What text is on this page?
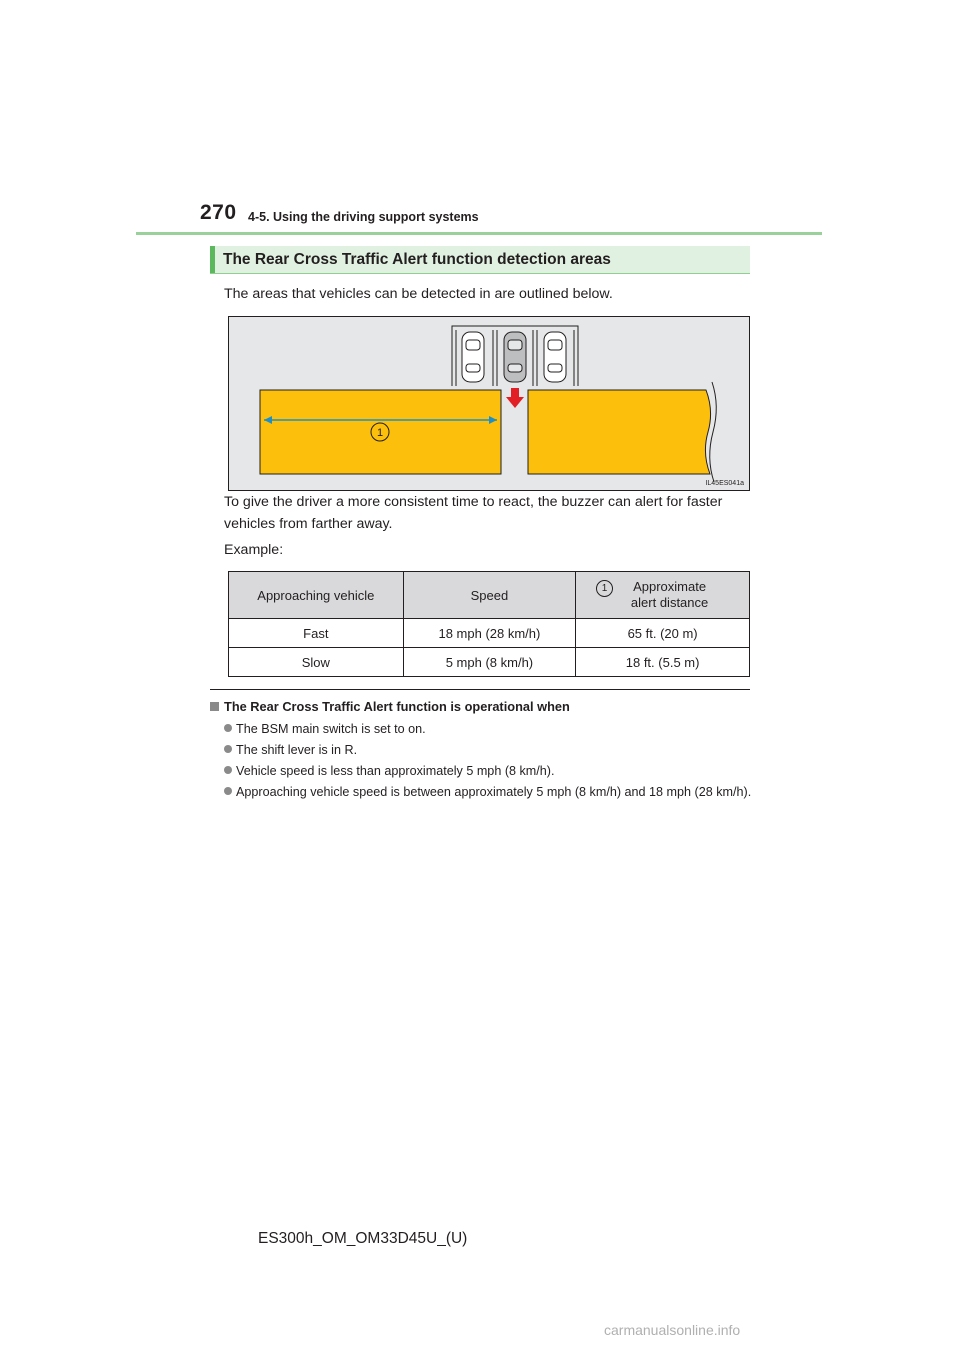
270 4-5. Using the driving support systems
The Rear Cross Traffic Alert function detection areas
The areas that vehicles can be detected in are outlined below.
1
IL45ES041a
To give the driver a more consistent time to react, the buzzer can alert for faster vehicles from farther away.
Example:
Approaching vehicle	Speed	Approximate alert distance

Fast	18 mph (28 km/h)	65 ft. (20 m)
Slow	5 mph (8 km/h)	18 ft. (5.5 m)
1
The Rear Cross Traffic Alert function is operational when
The BSM main switch is set to on.
The shift lever is in R.
Vehicle speed is less than approximately 5 mph (8 km/h).
Approaching vehicle speed is between approximately 5 mph (8 km/h) and 18 mph (28 km/h).
ES300h_OM_OM33D45U_(U)
carmanualsonline.info
